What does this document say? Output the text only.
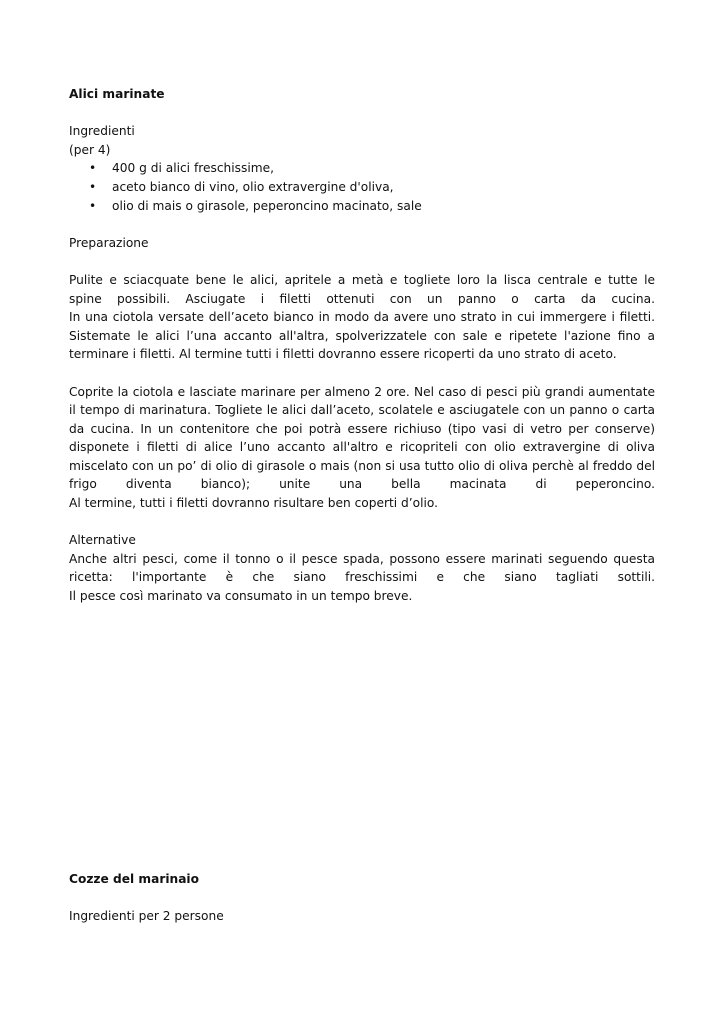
Alici marinate
Ingredienti
(per 4)
• 400 g di alici freschissime,
• aceto bianco di vino, olio extravergine d'oliva,
• olio di mais o girasole, peperoncino macinato, sale
Preparazione

Pulite e sciacquate bene le alici, apritele a metà e togliete loro la lisca centrale e tutte le
spine possibili. Asciugate i filetti ottenuti con un panno o carta da cucina.
In una ciotola versate dell’aceto bianco in modo da avere uno strato in cui immergere i filetti.
Sistemate le alici l’una accanto all'altra, spolverizzatele con sale e ripetete l'azione fino a
terminare i filetti. Al termine tutti i filetti dovranno essere ricoperti da uno strato di aceto.

Coprite la ciotola e lasciate marinare per almeno 2 ore. Nel caso di pesci più grandi aumentate
il tempo di marinatura. Togliete le alici dall’aceto, scolatele e asciugatele con un panno o carta
da cucina. In un contenitore che poi potrà essere richiuso (tipo vasi di vetro per conserve)
disponete i filetti di alice l’uno accanto all'altro e ricopriteli con olio extravergine di oliva
miscelato con un po’ di olio di girasole o mais (non si usa tutto olio di oliva perchè al freddo del
frigo diventa bianco); unite una bella macinata di peperoncino.
Al termine, tutti i filetti dovranno risultare ben coperti d’olio.

Alternative

Anche altri pesci, come il tonno o il pesce spada, possono essere marinati seguendo questa
ricetta: l'importante è che siano freschissimi e che siano tagliati sottili.
Il pesce così marinato va consumato in un tempo breve.

Cozze del marinaio
Ingredienti per 2 persone
